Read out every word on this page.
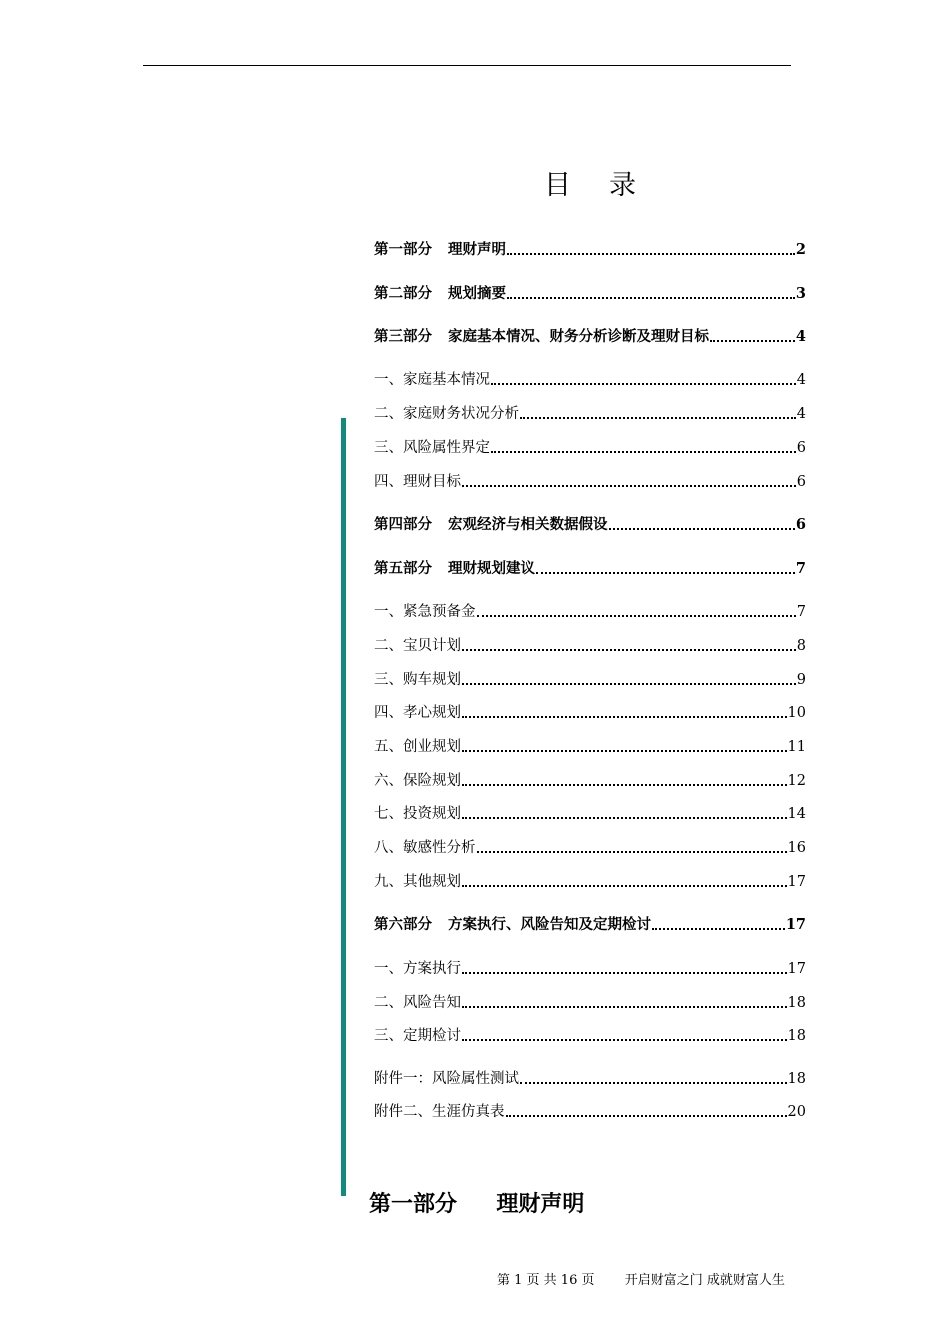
目录
第一部分 理财声明	2
第二部分 规划摘要	3
第三部分 家庭基本情况、财务分析诊断及理财目标	4
一、家庭基本情况	4
二、家庭财务状况分析	4
三、风险属性界定	6
四、理财目标	6
第四部分 宏观经济与相关数据假设	6
第五部分 理财规划建议	7
一、紧急预备金	7
二、宝贝计划	8
三、购车规划	9
四、孝心规划	10
五、创业规划	11
六、保险规划	12
七、投资规划	14
八、敏感性分析	16
九、其他规划	17
第六部分 方案执行、风险告知及定期检讨	17
一、方案执行	17
二、风险告知	18
三、定期检讨	18
附件一：风险属性测试	18
附件二、生涯仿真表	20
第一部分 理财声明
第 1 页 共 16 页 开启财富之门 成就财富人生
